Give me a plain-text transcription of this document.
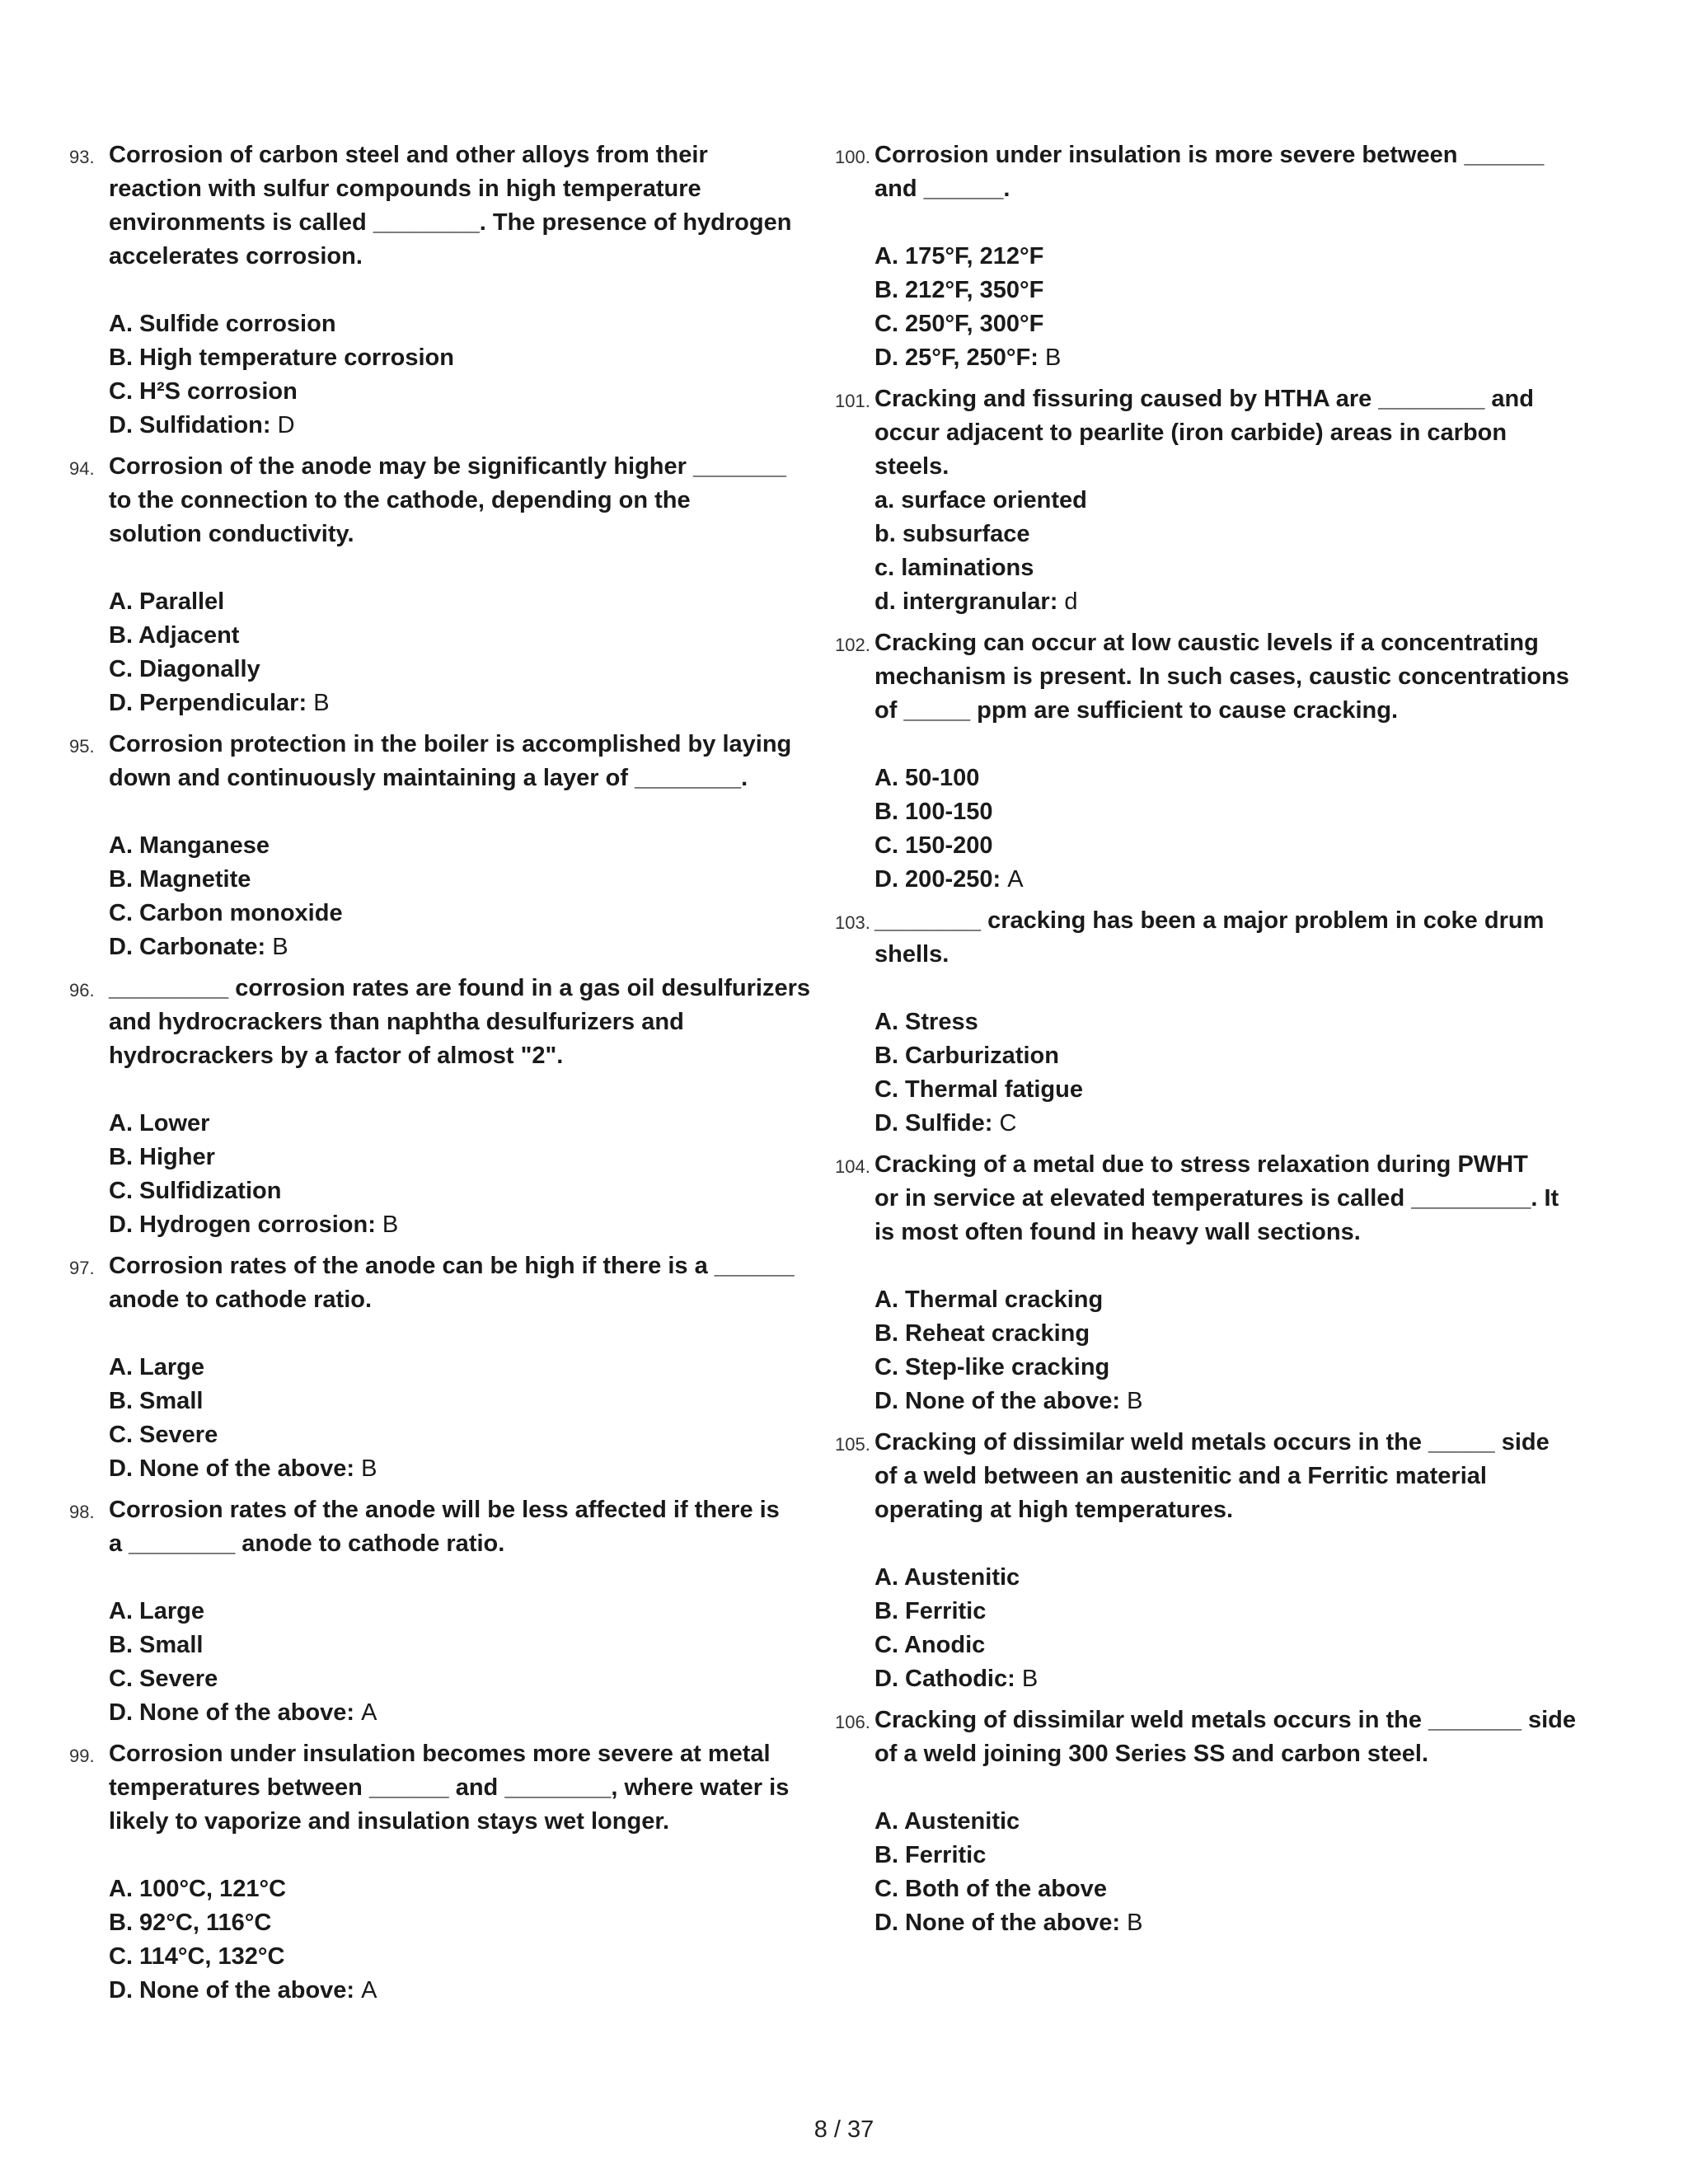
93. Corrosion of carbon steel and other alloys from their
reaction with sulfur compounds in high temperature
environments is called ________. The presence of hydrogen
accelerates corrosion.

A. Sulfide corrosion

B. High temperature corrosion

C. H²S corrosion

D. Sulfidation: D

94. Corrosion of the anode may be significantly higher _______
to the connection to the cathode, depending on the
solution conductivity.

A. Parallel

B. Adjacent

C. Diagonally

D. Perpendicular: B

95. Corrosion protection in the boiler is accomplished by laying
down and continuously maintaining a layer of ________.

A. Manganese

B. Magnetite

C. Carbon monoxide

D. Carbonate: B

96. _________ corrosion rates are found in a gas oil desulfurizers
and hydrocrackers than naphtha desulfurizers and
hydrocrackers by a factor of almost "2".

A. Lower

B. Higher

C. Sulfidization

D. Hydrogen corrosion: B

97. Corrosion rates of the anode can be high if there is a ______
anode to cathode ratio.

A. Large

B. Small

C. Severe

D. None of the above: B

98. Corrosion rates of the anode will be less affected if there is
a ________ anode to cathode ratio.

A. Large

B. Small

C. Severe

D. None of the above: A

99. Corrosion under insulation becomes more severe at metal
temperatures between ______ and ________, where water is
likely to vaporize and insulation stays wet longer.

A. 100°C, 121°C

B. 92°C, 116°C

C. 114°C, 132°C

D. None of the above: A

100. Corrosion under insulation is more severe between ______
and ______.

A. 175°F, 212°F

B. 212°F, 350°F

C. 250°F, 300°F

D. 25°F, 250°F: B

101. Cracking and fissuring caused by HTHA are ________ and
occur adjacent to pearlite (iron carbide) areas in carbon
steels.

a. surface oriented

b. subsurface

c. laminations

d. intergranular: d

102. Cracking can occur at low caustic levels if a concentrating
mechanism is present. In such cases, caustic concentrations
of _____ ppm are sufficient to cause cracking.

A. 50-100

B. 100-150

C. 150-200

D. 200-250: A

103. ________ cracking has been a major problem in coke drum
shells.

A. Stress

B. Carburization

C. Thermal fatigue

D. Sulfide: C

104. Cracking of a metal due to stress relaxation during PWHT
or in service at elevated temperatures is called _________. It
is most often found in heavy wall sections.

A. Thermal cracking

B. Reheat cracking

C. Step-like cracking

D. None of the above: B

105. Cracking of dissimilar weld metals occurs in the _____ side
of a weld between an austenitic and a Ferritic material
operating at high temperatures.

A. Austenitic

B. Ferritic

C. Anodic

D. Cathodic: B

106. Cracking of dissimilar weld metals occurs in the _______ side
of a weld joining 300 Series SS and carbon steel.

A. Austenitic

B. Ferritic

C. Both of the above

D. None of the above: B

8 / 37
